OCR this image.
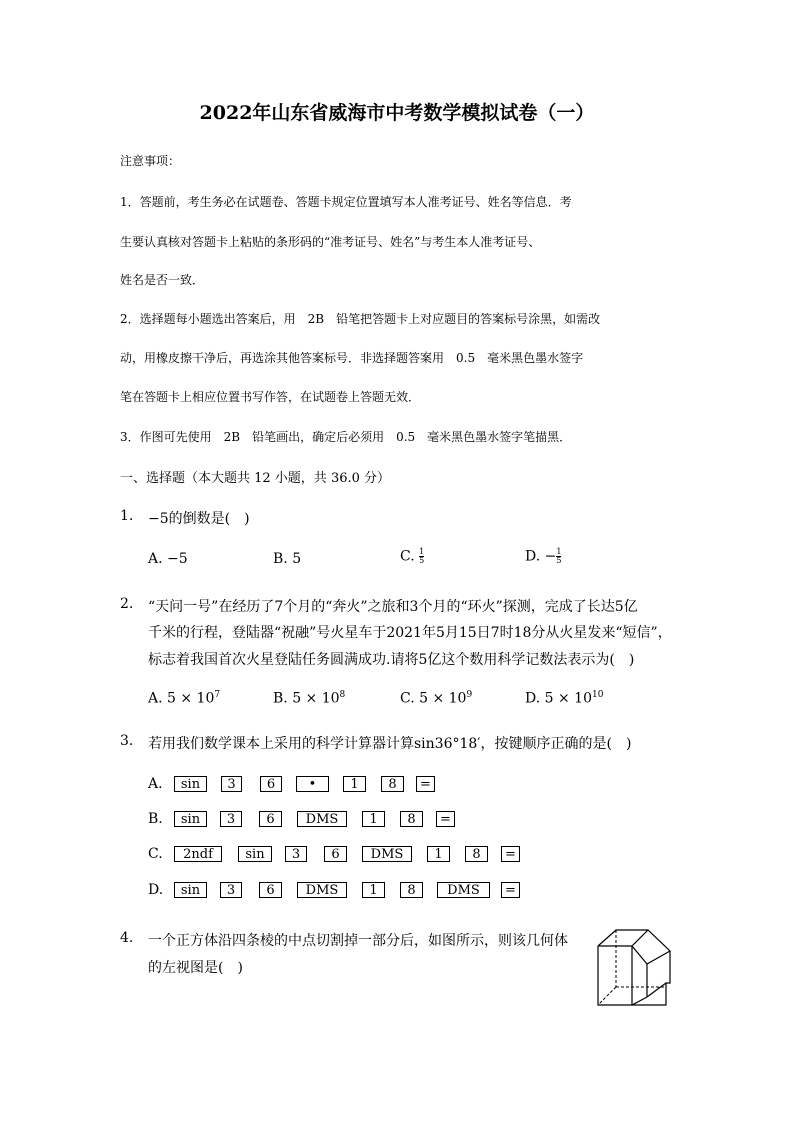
2022年山东省威海市中考数学模拟试卷（一）
注意事项：
1．答题前，考生务必在试题卷、答题卡规定位置填写本人准考证号、姓名等信息．考
生要认真核对答题卡上粘贴的条形码的“准考证号、姓名”与考生本人准考证号、
姓名是否一致．
2．选择题每小题选出答案后，用　2B　铅笔把答题卡上对应题目的答案标号涂黑，如需改
动，用橡皮擦干净后，再选涂其他答案标号．非选择题答案用　0.5　毫米黑色墨水签字
笔在答题卡上相应位置书写作答，在试题卷上答题无效．
3．作图可先使用　2B　铅笔画出，确定后必须用　0.5　毫米黑色墨水签字笔描黑．
一、选择题（本大题共 12 小题，共 36.0 分）
1. −5的倒数是(　)
A. −5	B. 5	C. $\frac{1}{5}$	D. − $\frac{1}{5}$
2. “天问一号”在经历了7个月的“奔火”之旅和3个月的“环火”探测，完成了长达5亿
千米的行程，登陆器“祝融”号火星车于2021年5月15日7时18分从火星发来“短信”，
标志着我国首次火星登陆任务圆满成功.请将5亿这个数用科学记数法表示为(　)
A. $5 \times 10^7$	B. $5 \times 10^8$	C. $5 \times 10^9$	D. $5 \times 10^{10}$
3. 若用我们数学课本上采用的科学计算器计算sin36°18′，按键顺序正确的是(　)
A.	sin	3	6	•	1	8	=
B.	sin	3	6	DMS	1	8	=
C.	2ndf	sin	3	6	DMS	1	8	=
D.	sin	3	6	DMS	1	8	DMS	=
4. 一个正方体沿四条棱的中点切割掉一部分后，如图所示，则该几何体
的左视图是(　)
